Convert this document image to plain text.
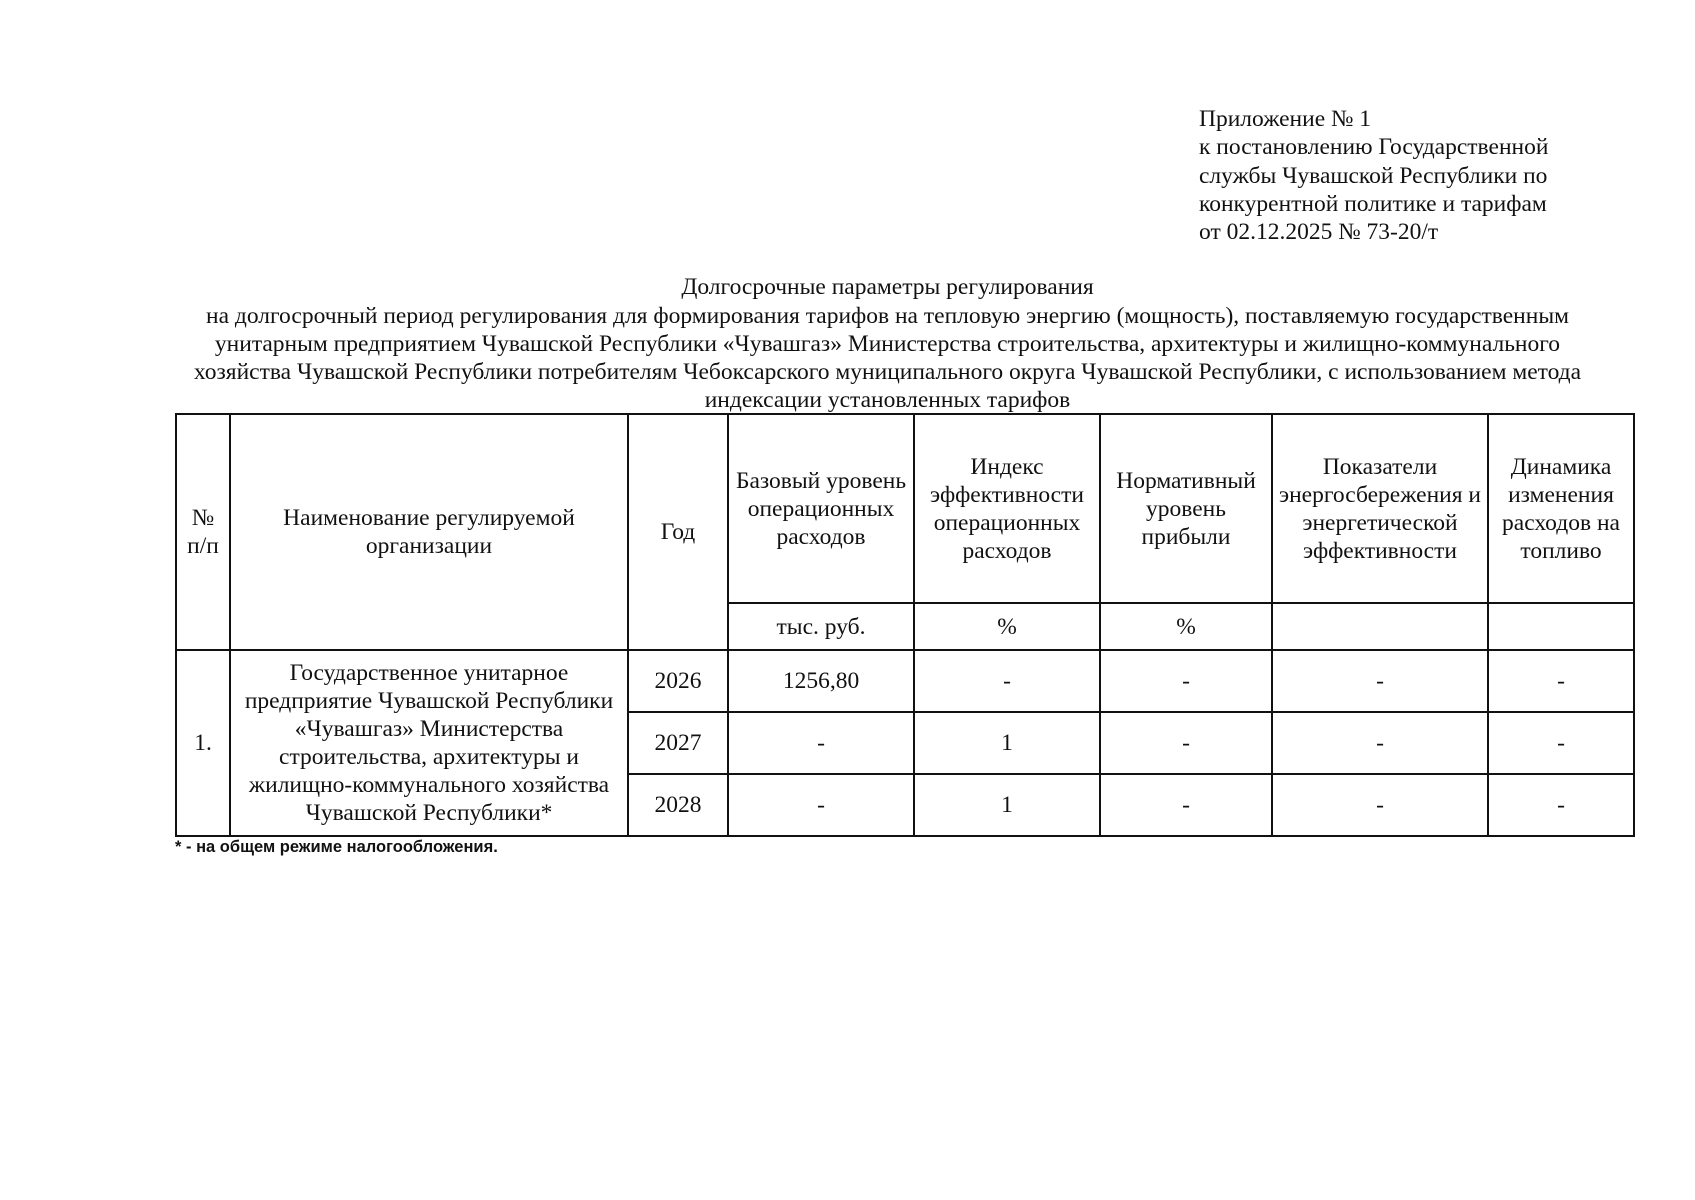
Приложение № 1
к постановлению Государственной
службы Чувашской Республики по
конкурентной политике и тарифам
от 02.12.2025 № 73-20/т
Долгосрочные параметры регулирования
на долгосрочный период регулирования для формирования тарифов на тепловую энергию (мощность), поставляемую государственным
унитарным предприятием Чувашской Республики «Чувашгаз» Министерства строительства, архитектуры и жилищно-коммунального
хозяйства Чувашской Республики потребителям Чебоксарского муниципального округа Чувашской Республики, с использованием метода
индексации установленных тарифов
№ п/п	Наименование регулируемой организации	Год	Базовый уровень операционных расходов	Индекс эффективности операционных расходов	Нормативный уровень прибыли	Показатели энергосбережения и энергетической эффективности	Динамика изменения расходов на топливо
			тыс. руб.	%	%		
1.	Государственное унитарное предприятие Чувашской Республики «Чувашгаз» Министерства строительства, архитектуры и жилищно-коммунального хозяйства Чувашской Республики*	2026	1256,80	-	-	-	-
		2027	-	1	-	-	-
		2028	-	1	-	-	-
* - на общем режиме налогообложения.
